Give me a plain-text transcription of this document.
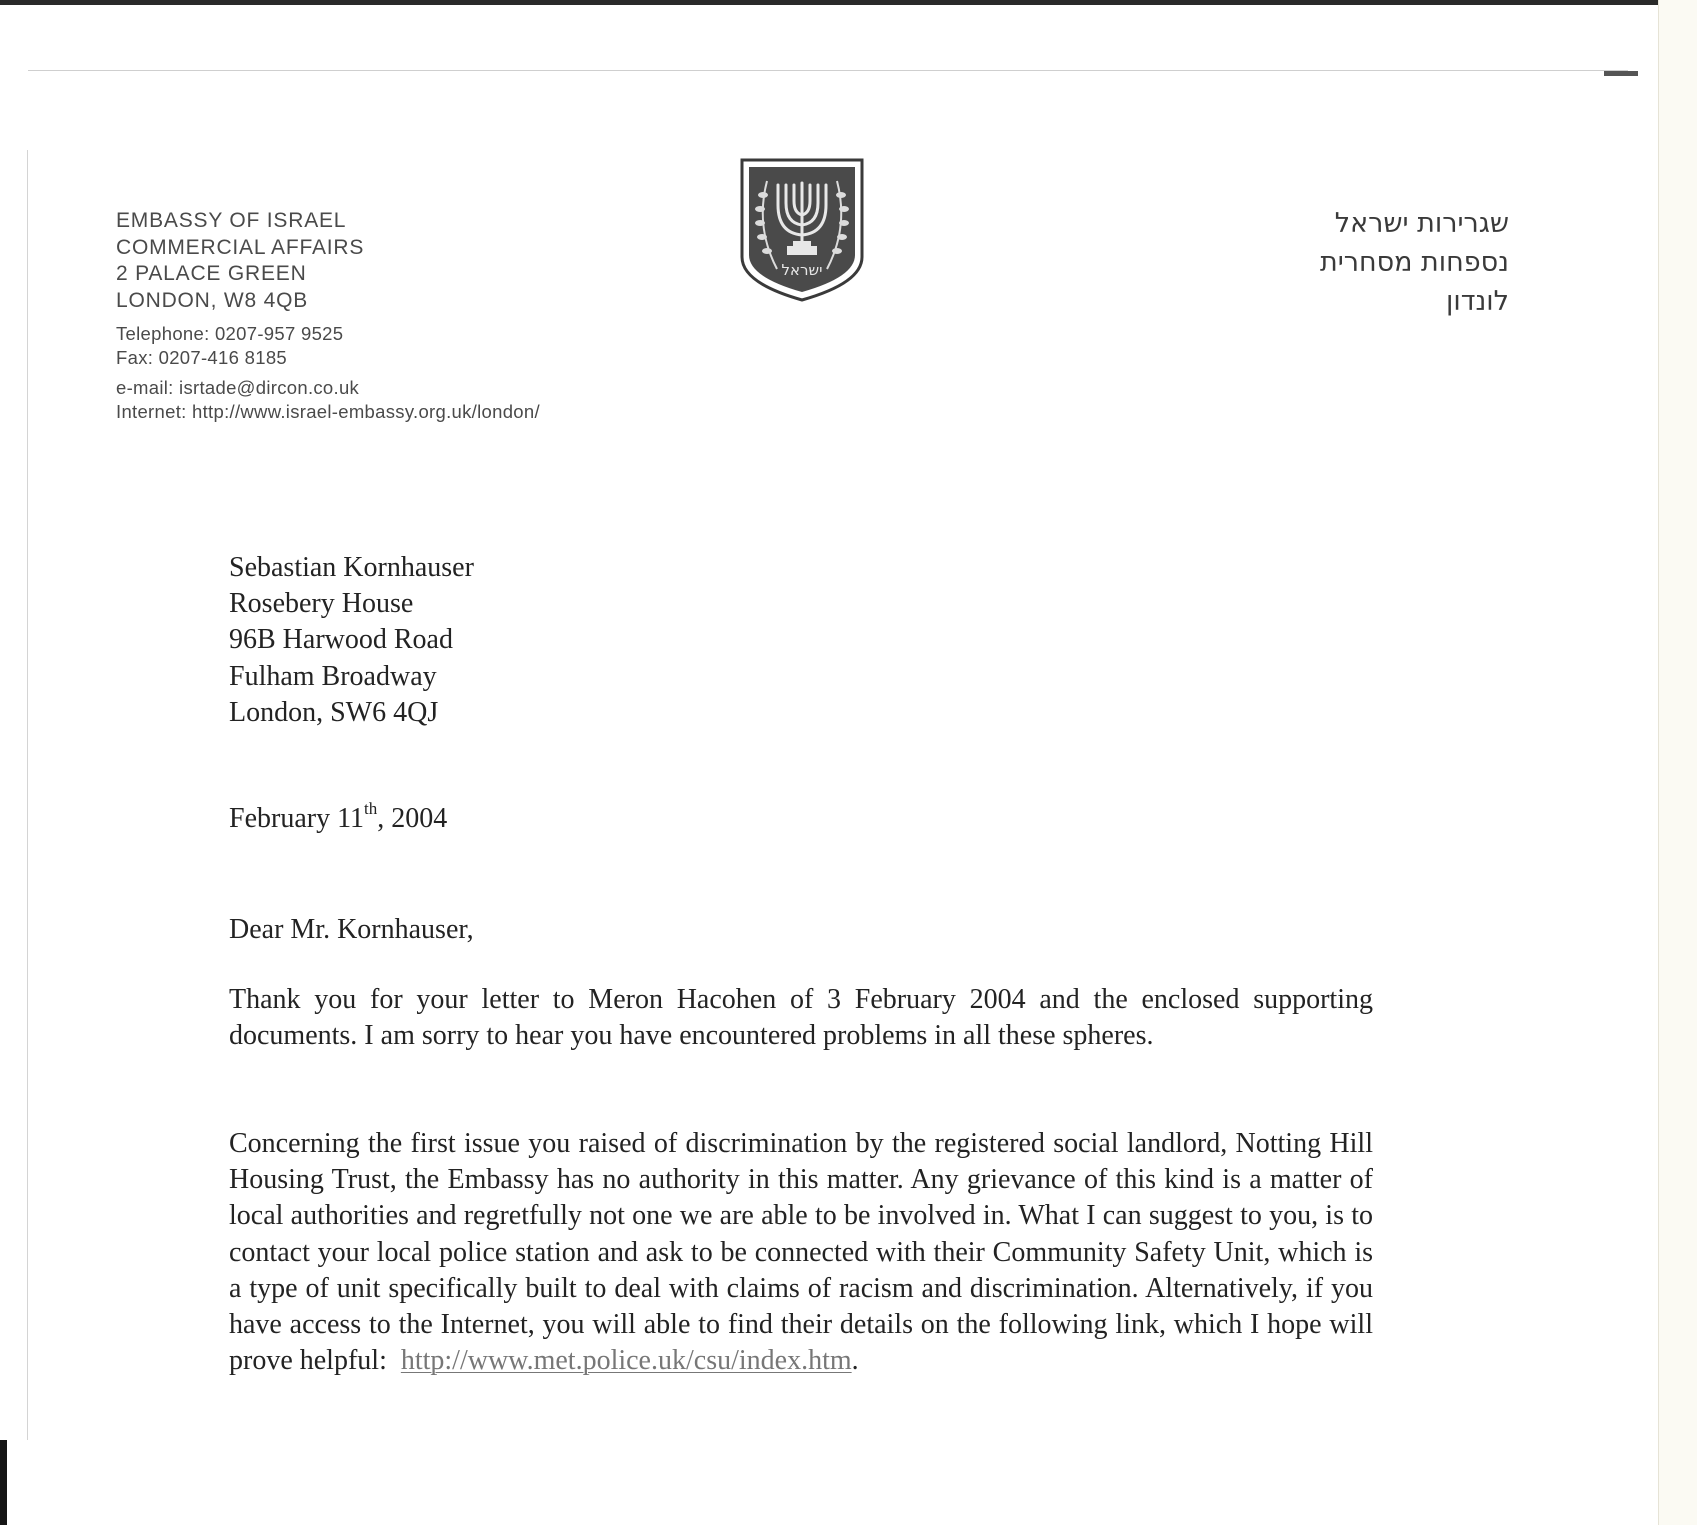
EMBASSY OF ISRAEL
COMMERCIAL AFFAIRS
2 PALACE GREEN
LONDON, W8 4QB
Telephone: 0207-957 9525
Fax: 0207-416 8185
e-mail: isrtade@dircon.co.uk
Internet: http://www.israel-embassy.org.uk/london/
ישראל
שגרירות ישראל
נספחות מסחרית
לונדון
Sebastian Kornhauser
Rosebery House
96B Harwood Road
Fulham Broadway
London, SW6 4QJ
February 11th, 2004
Dear Mr. Kornhauser,
Thank you for your letter to Meron Hacohen of 3 February 2004 and the enclosed supporting documents. I am sorry to hear you have encountered problems in all these spheres.
Concerning the first issue you raised of discrimination by the registered social landlord, Notting Hill Housing Trust, the Embassy has no authority in this matter. Any grievance of this kind is a matter of local authorities and regretfully not one we are able to be involved in. What I can suggest to you, is to contact your local police station and ask to be connected with their Community Safety Unit, which is a type of unit specifically built to deal with claims of racism and discrimination. Alternatively, if you have access to the Internet, you will able to find their details on the following link, which I hope will prove helpful: http://www.met.police.uk/csu/index.htm.
